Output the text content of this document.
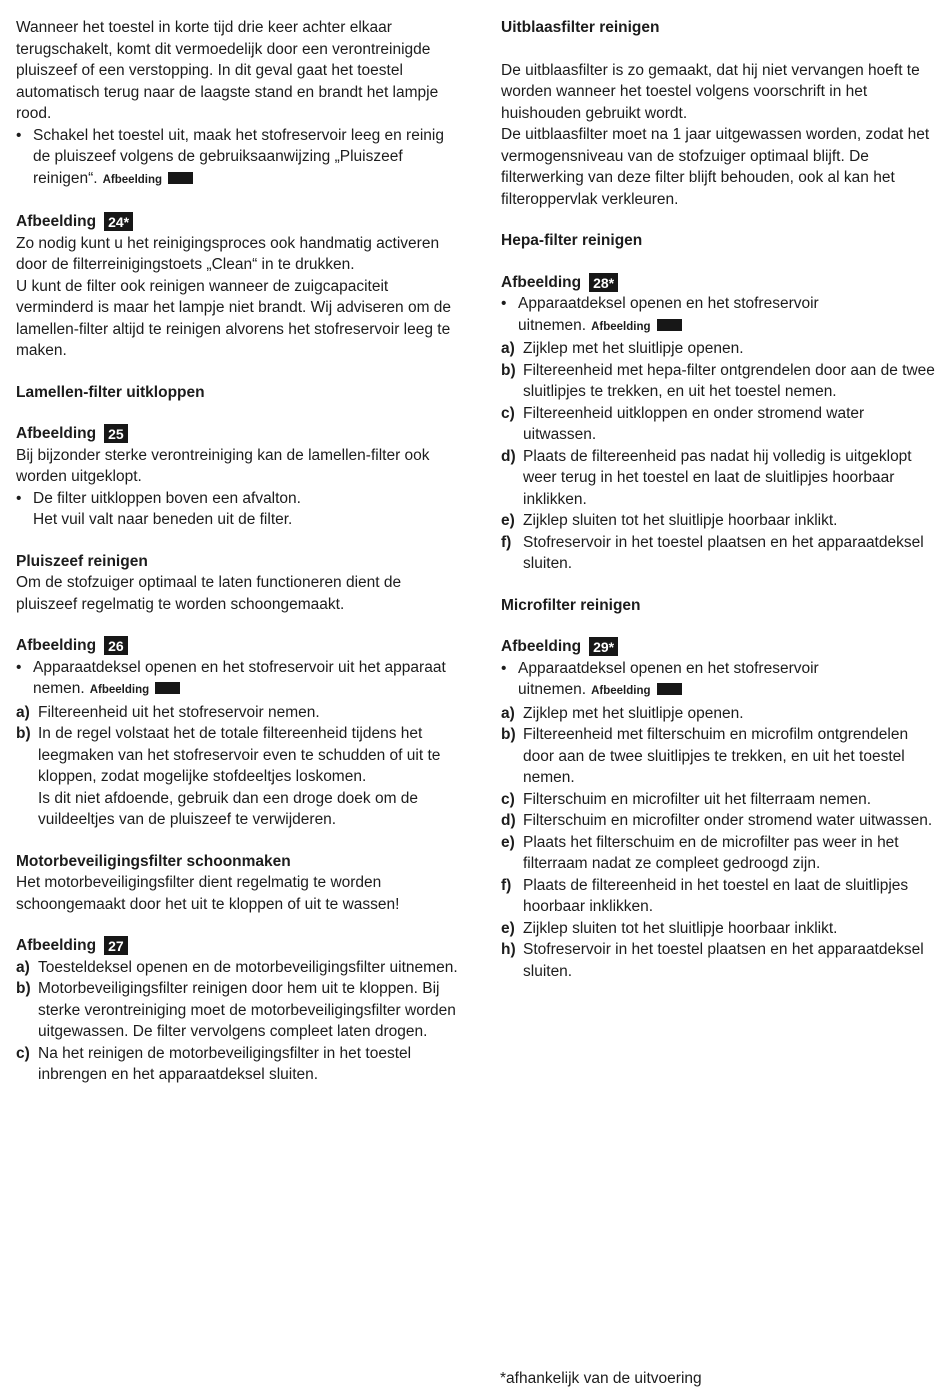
Wanneer het toestel in korte tijd drie keer achter elkaar terugschakelt, komt dit vermoedelijk door een verontreinigde pluiszeef of een verstopping. In dit geval gaat het toestel automatisch terug naar de laagste stand en brandt het lampje rood.
• Schakel het toestel uit, maak het stofreservoir leeg en reinig de pluiszeef volgens de gebruiksaanwijzing „Pluiszeef reinigen“. Afbeelding
Afbeelding 24*
Zo nodig kunt u het reinigingsproces ook handmatig activeren door de filterreinigingstoets „Clean“ in te drukken.
U kunt de filter ook reinigen wanneer de zuigcapaciteit verminderd is maar het lampje niet brandt. Wij adviseren om de lamellen-filter altijd te reinigen alvorens het stofreservoir leeg te maken.
Lamellen-filter uitkloppen
Afbeelding 25
Bij bijzonder sterke verontreiniging kan de lamellen-filter ook worden uitgeklopt.
• De filter uitkloppen boven een afvalton.
Het vuil valt naar beneden uit de filter.
Pluiszeef reinigen
Om de stofzuiger optimaal te laten functioneren dient de pluiszeef regelmatig te worden schoongemaakt.
Afbeelding 26
• Apparaatdeksel openen en het stofreservoir uit het apparaat nemen. Afbeelding
a) Filtereenheid uit het stofreservoir nemen.
b) In de regel volstaat het de totale filtereenheid tijdens het leegmaken van het stofreservoir even te schudden of uit te kloppen, zodat mogelijke stofdeeltjes loskomen.
Is dit niet afdoende, gebruik dan een droge doek om de vuildeeltjes van de pluiszeef te verwijderen.
Motorbeveiligingsfilter schoonmaken
Het motorbeveiligingsfilter dient regelmatig te worden schoongemaakt door het uit te kloppen of uit te wassen!
Afbeelding 27
a) Toesteldeksel openen en de motorbeveiligingsfilter uitnemen.
b) Motorbeveiligingsfilter reinigen door hem uit te kloppen. Bij sterke verontreiniging moet de motorbeveiligingsfilter worden uitgewassen. De filter vervolgens compleet laten drogen.
c) Na het reinigen de motorbeveiligingsfilter in het toestel inbrengen en het apparaatdeksel sluiten.
Uitblaasfilter reinigen
De uitblaasfilter is zo gemaakt, dat hij niet vervangen hoeft te worden wanneer het toestel volgens voorschrift in het huishouden gebruikt wordt.
De uitblaasfilter moet na 1 jaar uitgewassen worden, zodat het vermogensniveau van de stofzuiger optimaal blijft. De filterwerking van deze filter blijft behouden, ook al kan het filteroppervlak verkleuren.
Hepa-filter reinigen
Afbeelding 28*
• Apparaatdeksel openen en het stofreservoir uitnemen. Afbeelding
a) Zijklep met het sluitlipje openen.
b) Filtereenheid met hepa-filter ontgrendelen door aan de twee sluitlipjes te trekken, en uit het toestel nemen.
c) Filtereenheid uitkloppen en onder stromend water uitwassen.
d) Plaats de filtereenheid pas nadat hij volledig is uitgeklopt weer terug in het toestel en laat de sluitlipjes hoorbaar inklikken.
e) Zijklep sluiten tot het sluitlipje hoorbaar inklikt.
f) Stofreservoir in het toestel plaatsen en het apparaatdeksel sluiten.
Microfilter reinigen
Afbeelding 29*
• Apparaatdeksel openen en het stofreservoir uitnemen. Afbeelding
a) Zijklep met het sluitlipje openen.
b) Filtereenheid met filterschuim en microfilm ontgrendelen door aan de twee sluitlipjes te trekken, en uit het toestel nemen.
c) Filterschuim en microfilter uit het filterraam nemen.
d) Filterschuim en microfilter onder stromend water uitwassen.
e) Plaats het filterschuim en de microfilter pas weer in het filterraam nadat ze compleet gedroogd zijn.
f) Plaats de filtereenheid in het toestel en laat de sluitlipjes hoorbaar inklikken.
e) Zijklep sluiten tot het sluitlipje hoorbaar inklikt.
h) Stofreservoir in het toestel plaatsen en het apparaatdeksel sluiten.
*afhankelijk van de uitvoering
